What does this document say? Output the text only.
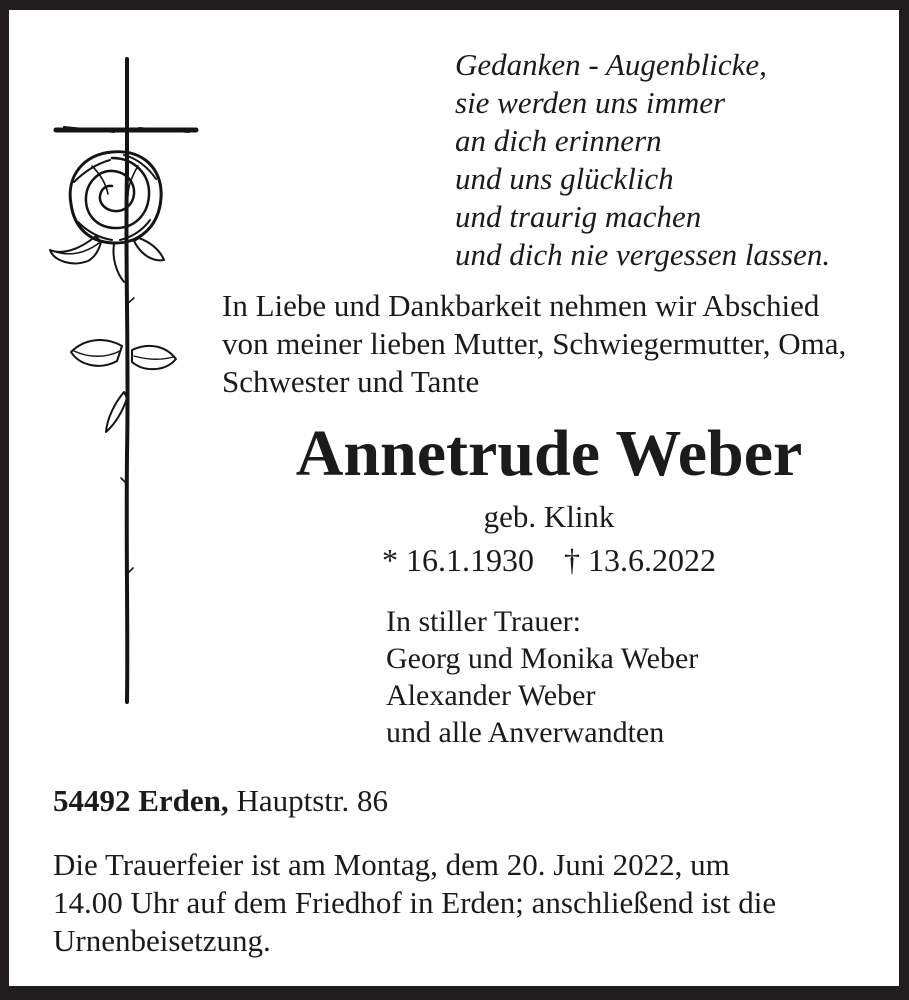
Gedanken - Augenblicke,
sie werden uns immer
an dich erinnern
und uns glücklich
und traurig machen
und dich nie vergessen lassen.
In Liebe und Dankbarkeit nehmen wir Abschied
von meiner lieben Mutter, Schwiegermutter, Oma,
Schwester und Tante
Annetrude Weber
geb. Klink
* 16.1.1930 † 13.6.2022
In stiller Trauer:
Georg und Monika Weber
Alexander Weber
und alle Anverwandten
54492 Erden, Hauptstr. 86
Die Trauerfeier ist am Montag, dem 20. Juni 2022, um
14.00 Uhr auf dem Friedhof in Erden; anschließend ist die
Urnenbeisetzung.
